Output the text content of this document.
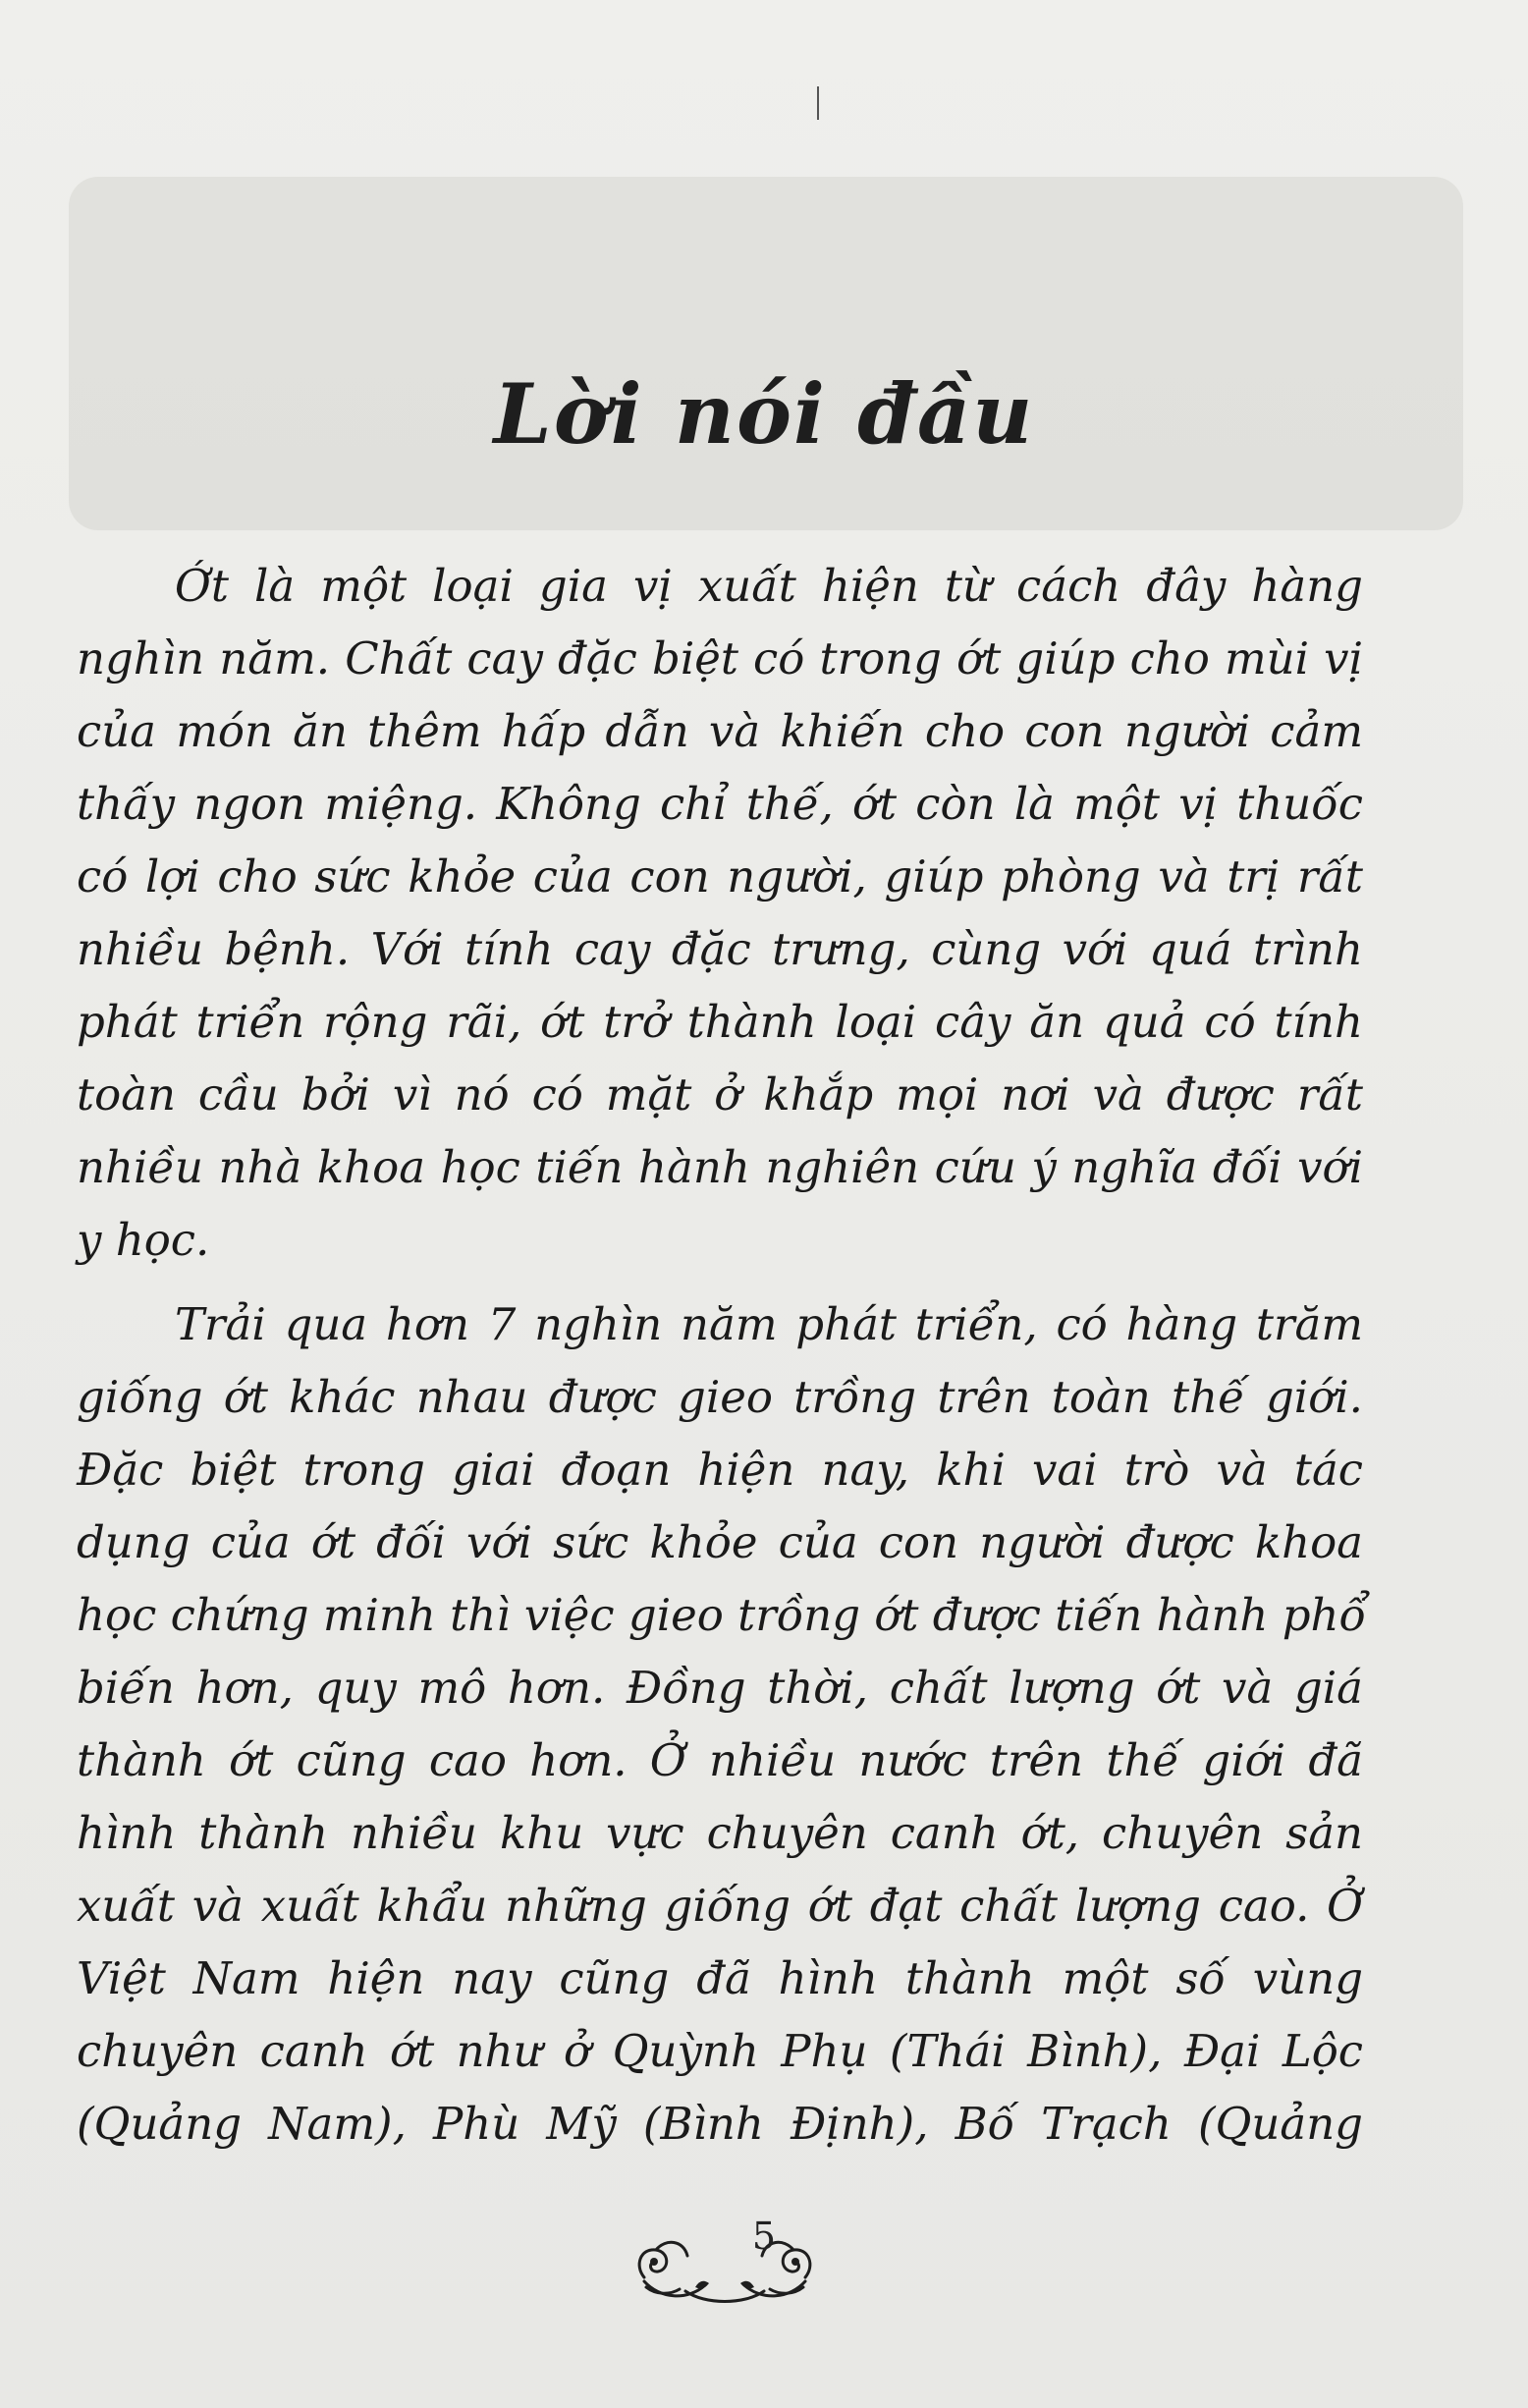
Lời nói đầu
Ớt là một loại gia vị xuất hiện từ cách đây hàng
nghìn năm. Chất cay đặc biệt có trong ớt giúp cho mùi vị
của món ăn thêm hấp dẫn và khiến cho con người cảm
thấy ngon miệng. Không chỉ thế, ớt còn là một vị thuốc
có lợi cho sức khỏe của con người, giúp phòng và trị rất
nhiều bệnh. Với tính cay đặc trưng, cùng với quá trình
phát triển rộng rãi, ớt trở thành loại cây ăn quả có tính
toàn cầu bởi vì nó có mặt ở khắp mọi nơi và được rất
nhiều nhà khoa học tiến hành nghiên cứu ý nghĩa đối với
y học.
Trải qua hơn 7 nghìn năm phát triển, có hàng trăm
giống ớt khác nhau được gieo trồng trên toàn thế giới.
Đặc biệt trong giai đoạn hiện nay, khi vai trò và tác
dụng của ớt đối với sức khỏe của con người được khoa
học chứng minh thì việc gieo trồng ớt được tiến hành phổ
biến hơn, quy mô hơn. Đồng thời, chất lượng ớt và giá
thành ớt cũng cao hơn. Ở nhiều nước trên thế giới đã
hình thành nhiều khu vực chuyên canh ớt, chuyên sản
xuất và xuất khẩu những giống ớt đạt chất lượng cao. Ở
Việt Nam hiện nay cũng đã hình thành một số vùng
chuyên canh ớt như ở Quỳnh Phụ (Thái Bình), Đại Lộc
(Quảng Nam), Phù Mỹ (Bình Định), Bố Trạch (Quảng
5
